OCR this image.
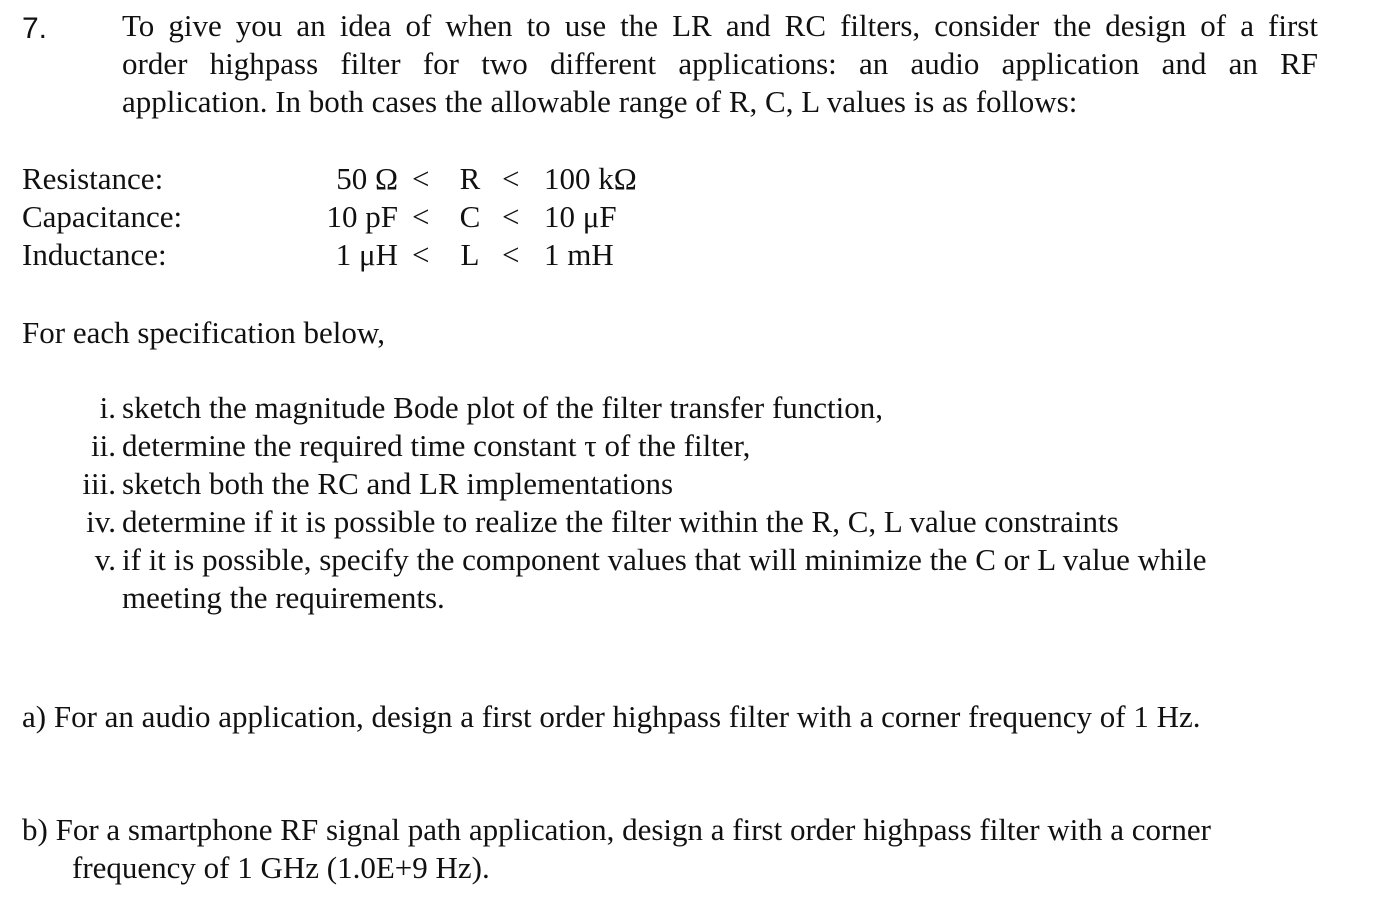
7. To give you an idea of when to use the LR and RC filters, consider the design of a first
order highpass filter for two different applications: an audio application and an RF
application. In both cases the allowable range of R, C, L values is as follows:
Resistance:	50 Ω < R < 100 kΩ
Capacitance:	10 pF < C < 10 μF
Inductance:	1 μH < L < 1 mH
For each specification below,
i. sketch the magnitude Bode plot of the filter transfer function,
ii. determine the required time constant τ of the filter,
iii. sketch both the RC and LR implementations
iv. determine if it is possible to realize the filter within the R, C, L value constraints
v. if it is possible, specify the component values that will minimize the C or L value while meeting the requirements.
a) For an audio application, design a first order highpass filter with a corner frequency of 1 Hz.
b) For a smartphone RF signal path application, design a first order highpass filter with a corner frequency of 1 GHz (1.0E+9 Hz).
